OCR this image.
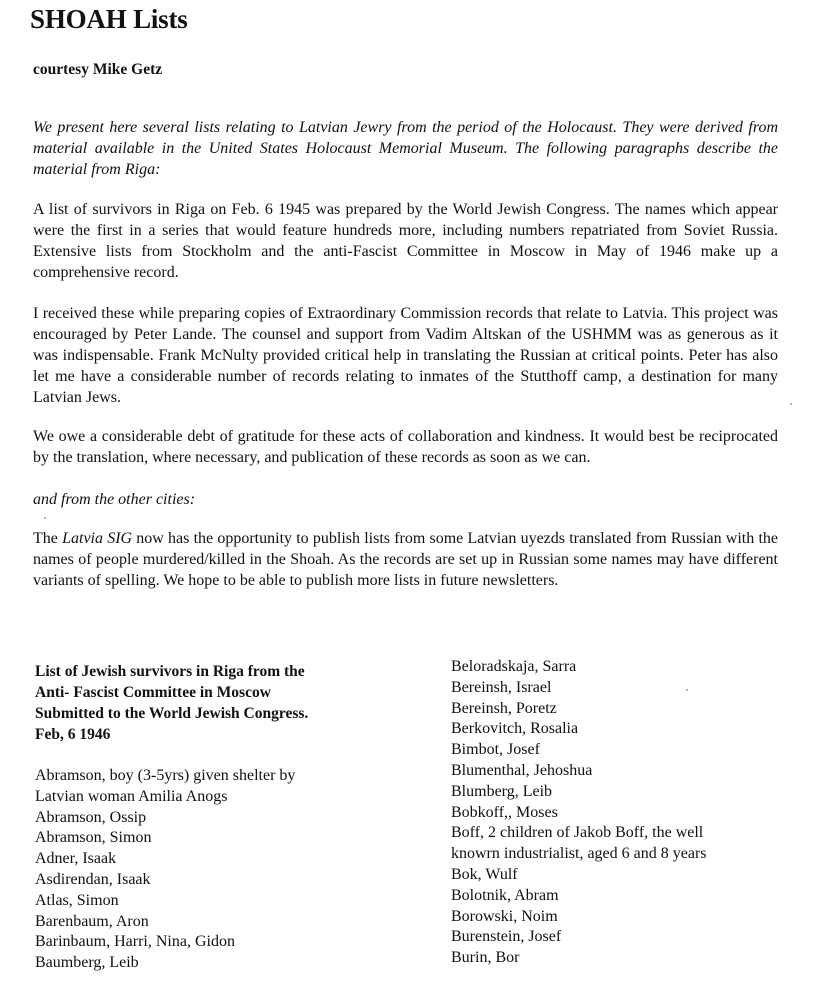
SHOAH Lists
courtesy Mike Getz

We present here several lists relating to Latvian Jewry from the period of the Holocaust. They were derived from material available in the United States Holocaust Memorial Museum. The following paragraphs describe the material from Riga:

A list of survivors in Riga on Feb. 6 1945 was prepared by the World Jewish Congress. The names which appear were the first in a series that would feature hundreds more, including numbers repatriated from Soviet Russia. Extensive lists from Stockholm and the anti-Fascist Committee in Moscow in May of 1946 make up a comprehensive record.

I received these while preparing copies of Extraordinary Commission records that relate to Latvia. This project was encouraged by Peter Lande. The counsel and support from Vadim Altskan of the USHMM was as generous as it was indispensable. Frank McNulty provided critical help in translating the Russian at critical points. Peter has also let me have a considerable number of records relating to inmates of the Stutthoff camp, a destination for many Latvian Jews.

We owe a considerable debt of gratitude for these acts of collaboration and kindness. It would best be reciprocated by the translation, where necessary, and publication of these records as soon as we can.

and from the other cities:

The Latvia SIG now has the opportunity to publish lists from some Latvian uyezds translated from Russian with the names of people murdered/killed in the Shoah. As the records are set up in Russian some names may have different variants of spelling. We hope to be able to publish more lists in future newsletters.

List of Jewish survivors in Riga from the
Anti- Fascist Committee in Moscow
Submitted to the World Jewish Congress.
Feb, 6 1946
Abramson, boy (3-5yrs) given shelter by
Latvian woman Amilia Anogs
Abramson, Ossip
Abramson, Simon
Adner, Isaak
Asdirendan, Isaak
Atlas, Simon
Barenbaum, Aron
Barinbaum, Harri, Nina, Gidon
Baumberg, Leib
Beloradskaja, Sarra
Bereinsh, Israel
Bereinsh, Poretz
Berkovitch, Rosalia
Bimbot, Josef
Blumenthal, Jehoshua
Blumberg, Leib
Bobkoff,, Moses
Boff, 2 children of Jakob Boff, the well
knowrn industrialist, aged 6 and 8 years
Bok, Wulf
Bolotnik, Abram
Borowski, Noim
Burenstein, Josef
Burin, Bor
